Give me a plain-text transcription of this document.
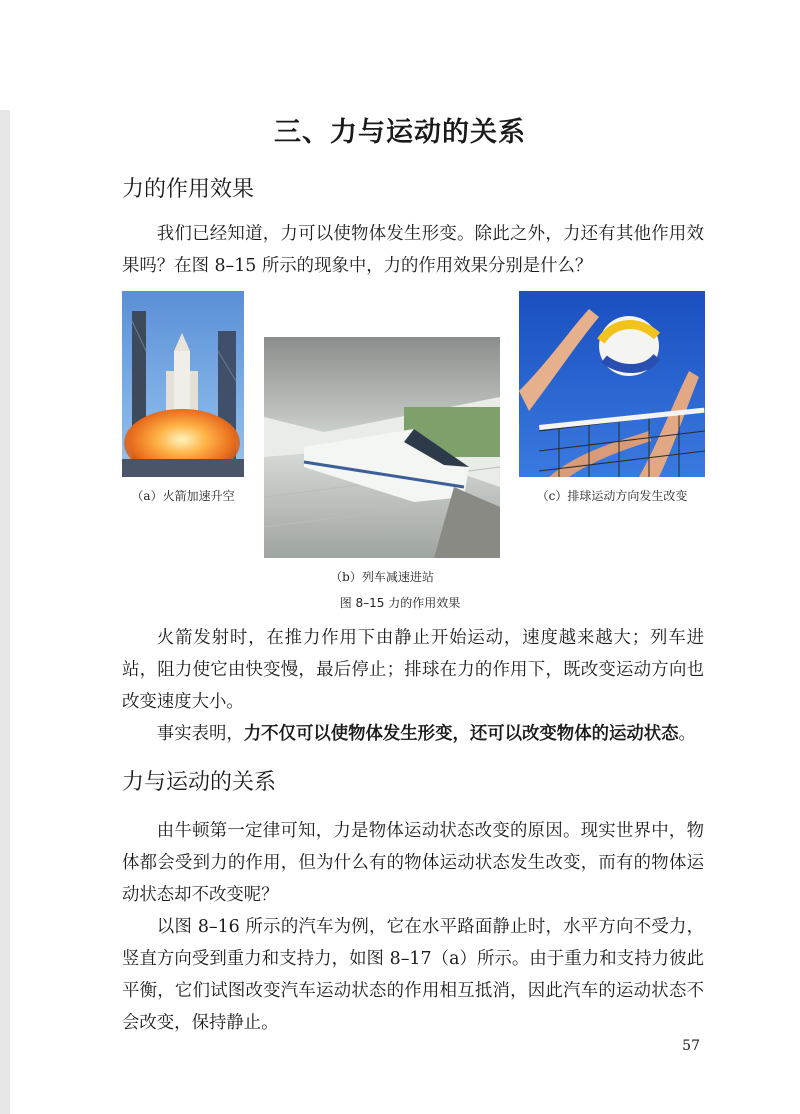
三、力与运动的关系
力的作用效果

我们已经知道，力可以使物体发生形变。除此之外，力还有其他作用效果吗？在图 8–15 所示的现象中，力的作用效果分别是什么？

（a）火箭加速升空
（b）列车减速进站
（c）排球运动方向发生改变
图 8–15 力的作用效果

火箭发射时，在推力作用下由静止开始运动，速度越来越大；列车进站，阻力使它由快变慢，最后停止；排球在力的作用下，既改变运动方向也改变速度大小。

事实表明，力不仅可以使物体发生形变，还可以改变物体的运动状态。

力与运动的关系

由牛顿第一定律可知，力是物体运动状态改变的原因。现实世界中，物体都会受到力的作用，但为什么有的物体运动状态发生改变，而有的物体运动状态却不改变呢？

以图 8–16 所示的汽车为例，它在水平路面静止时，水平方向不受力，竖直方向受到重力和支持力，如图 8–17（a）所示。由于重力和支持力彼此平衡，它们试图改变汽车运动状态的作用相互抵消，因此汽车的运动状态不会改变，保持静止。

57
